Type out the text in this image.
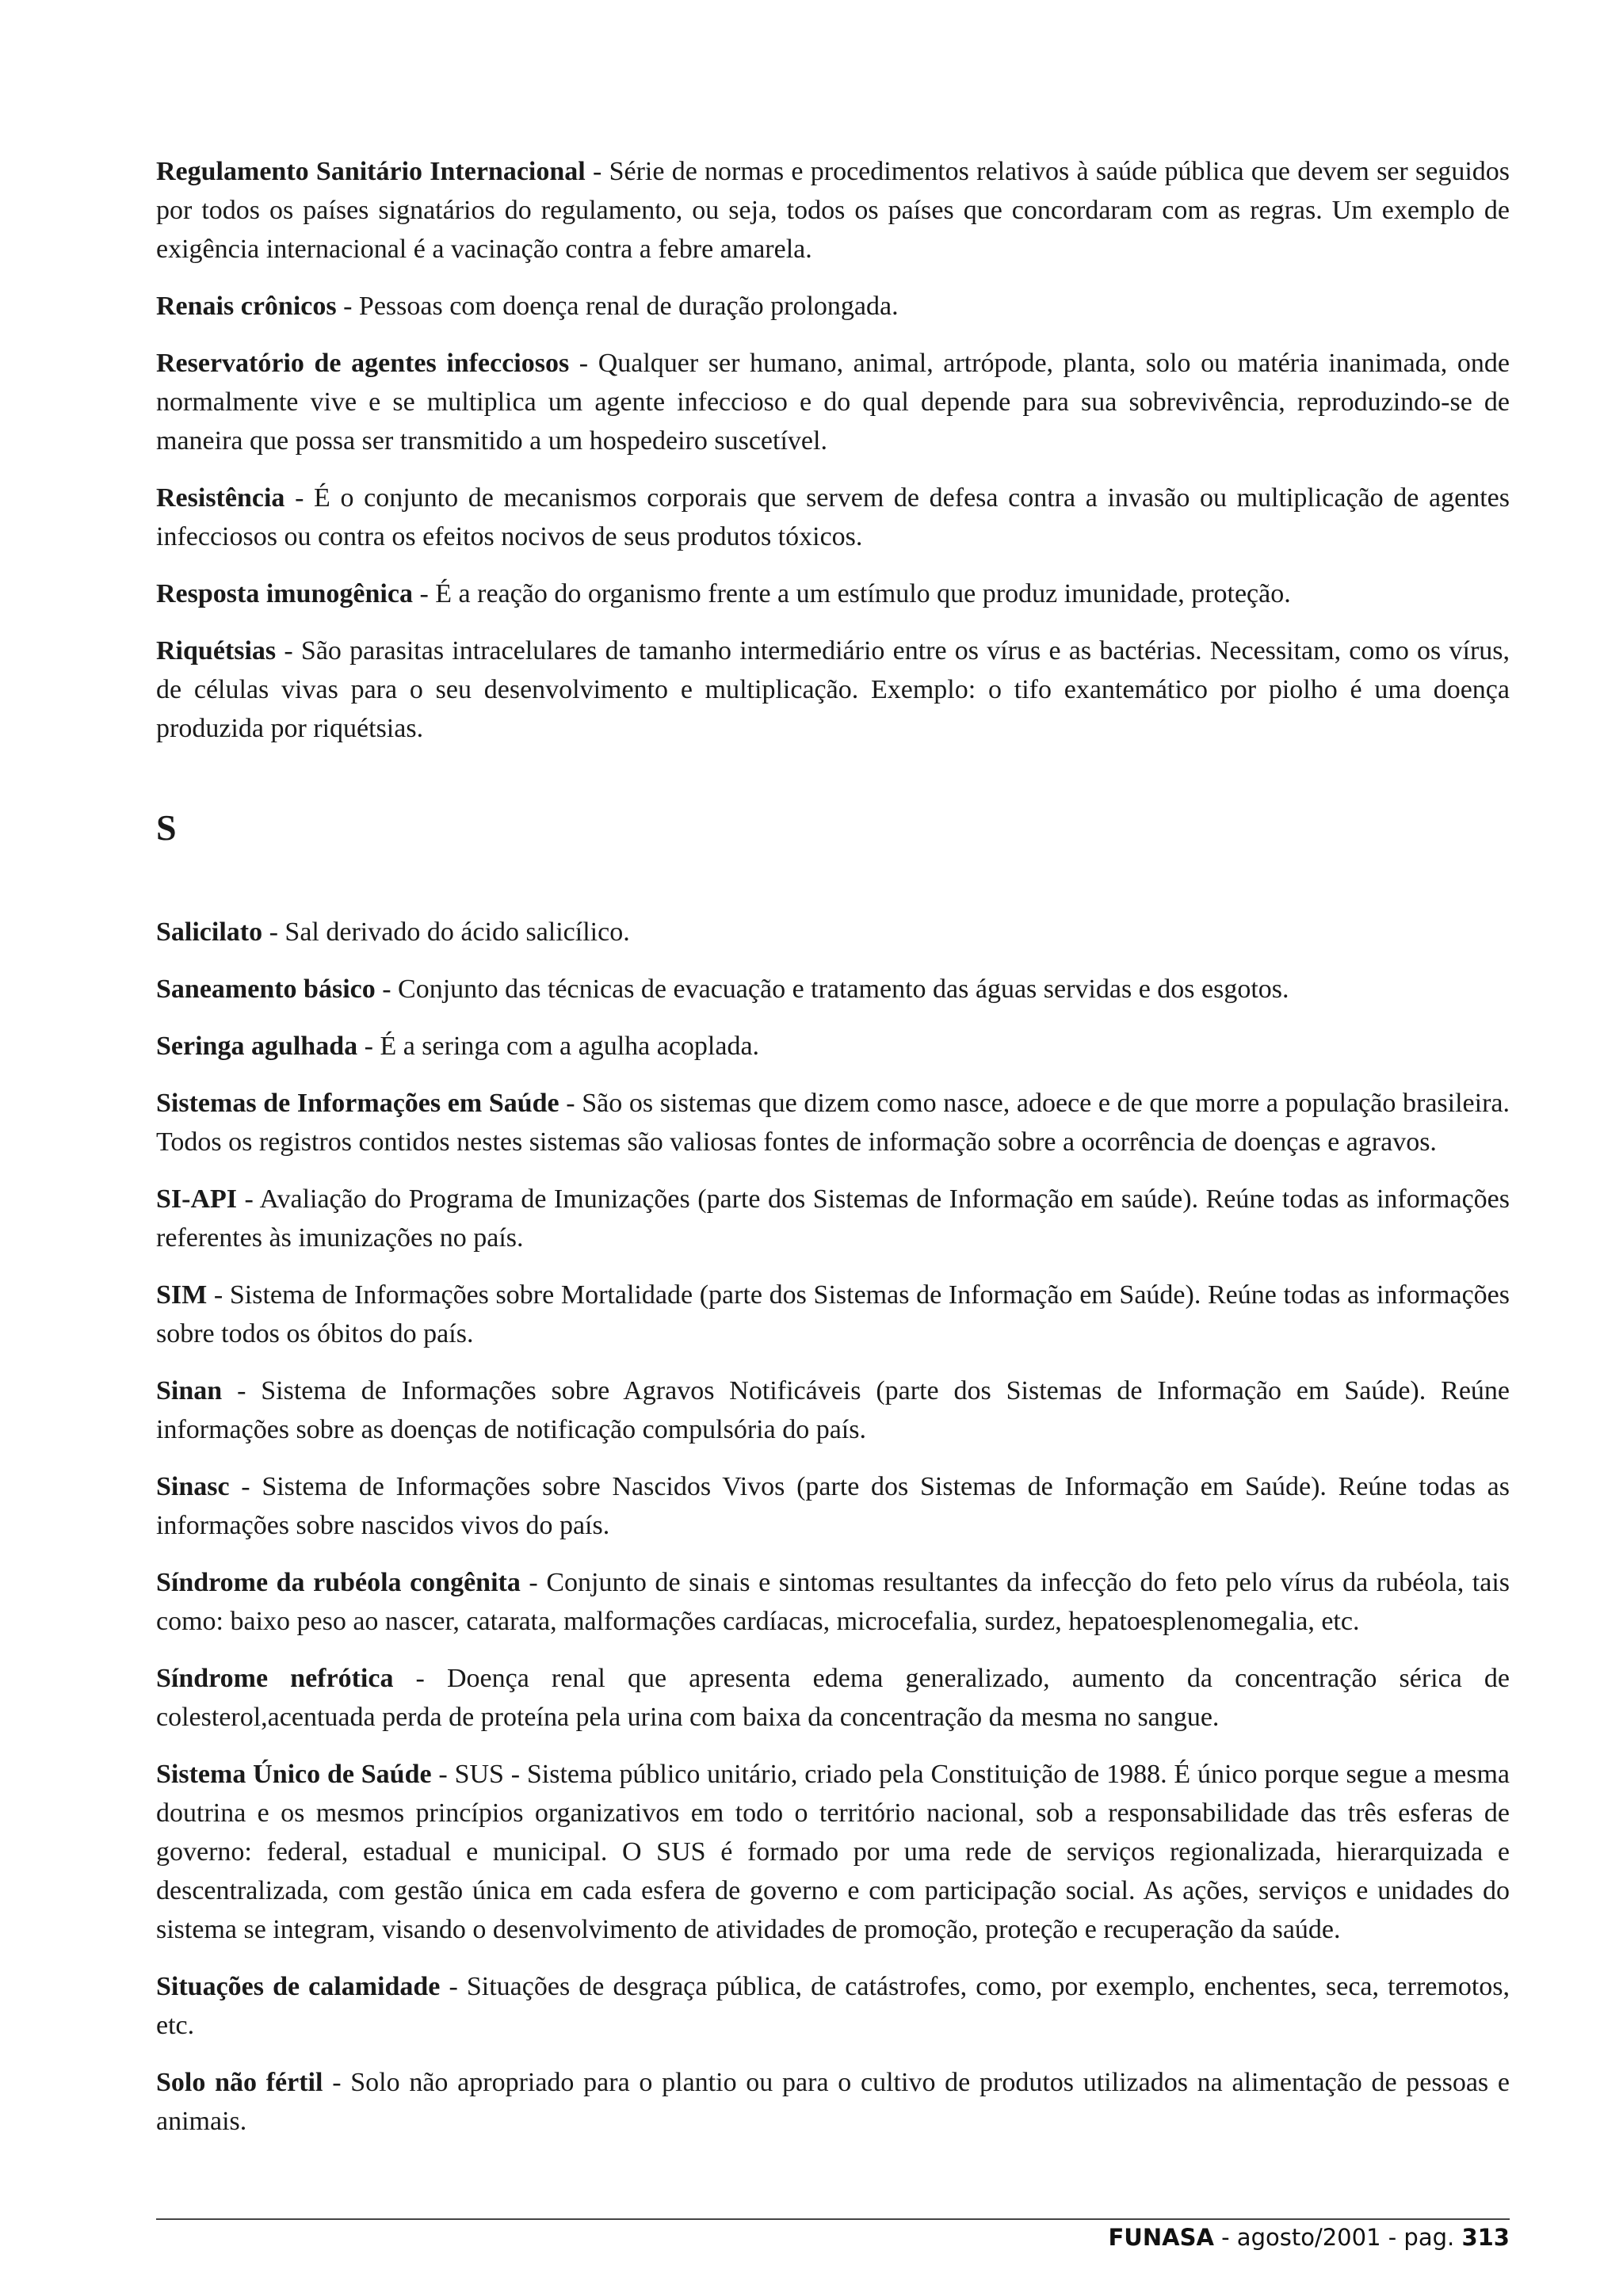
Regulamento Sanitário Internacional - Série de normas e procedimentos relativos à saúde pública que devem ser seguidos por todos os países signatários do regulamento, ou seja, todos os países que concordaram com as regras. Um exemplo de exigência internacional é a vacinação contra a febre amarela.

Renais crônicos - Pessoas com doença renal de duração prolongada.

Reservatório de agentes infecciosos - Qualquer ser humano, animal, artrópode, planta, solo ou matéria inanimada, onde normalmente vive e se multiplica um agente infeccioso e do qual depende para sua sobrevivência, reproduzindo-se de maneira que possa ser transmitido a um hospedeiro suscetível.

Resistência - É o conjunto de mecanismos corporais que servem de defesa contra a invasão ou multiplicação de agentes infecciosos ou contra os efeitos nocivos de seus produtos tóxicos.

Resposta imunogênica - É a reação do organismo frente a um estímulo que produz imunidade, proteção.

Riquétsias - São parasitas intracelulares de tamanho intermediário entre os vírus e as bactérias. Necessitam, como os vírus, de células vivas para o seu desenvolvimento e multiplicação. Exemplo: o tifo exantemático por piolho é uma doença produzida por riquétsias.

S

Salicilato - Sal derivado do ácido salicílico.

Saneamento básico - Conjunto das técnicas de evacuação e tratamento das águas servidas e dos esgotos.

Seringa agulhada - É a seringa com a agulha acoplada.

Sistemas de Informações em Saúde - São os sistemas que dizem como nasce, adoece e de que morre a população brasileira. Todos os registros contidos nestes sistemas são valiosas fontes de informação sobre a ocorrência de doenças e agravos.

SI-API - Avaliação do Programa de Imunizações (parte dos Sistemas de Informação em saúde). Reúne todas as informações referentes às imunizações no país.

SIM - Sistema de Informações sobre Mortalidade (parte dos Sistemas de Informação em Saúde). Reúne todas as informações sobre todos os óbitos do país.

Sinan - Sistema de Informações sobre Agravos Notificáveis (parte dos Sistemas de Informação em Saúde). Reúne informações sobre as doenças de notificação compulsória do país.

Sinasc - Sistema de Informações sobre Nascidos Vivos (parte dos Sistemas de Informação em Saúde). Reúne todas as informações sobre nascidos vivos do país.

Síndrome da rubéola congênita - Conjunto de sinais e sintomas resultantes da infecção do feto pelo vírus da rubéola, tais como: baixo peso ao nascer, catarata, malformações cardíacas, microcefalia, surdez, hepatoesplenomegalia, etc.

Síndrome nefrótica - Doença renal que apresenta edema generalizado, aumento da concentração sérica de colesterol,acentuada perda de proteína pela urina com baixa da concentração da mesma no sangue.

Sistema Único de Saúde - SUS - Sistema público unitário, criado pela Constituição de 1988. É único porque segue a mesma doutrina e os mesmos princípios organizativos em todo o território nacional, sob a responsabilidade das três esferas de governo: federal, estadual e municipal. O SUS é formado por uma rede de serviços regionalizada, hierarquizada e descentralizada, com gestão única em cada esfera de governo e com participação social. As ações, serviços e unidades do sistema se integram, visando o desenvolvimento de atividades de promoção, proteção e recuperação da saúde.

Situações de calamidade - Situações de desgraça pública, de catástrofes, como, por exemplo, enchentes, seca, terremotos, etc.

Solo não fértil - Solo não apropriado para o plantio ou para o cultivo de produtos utilizados na alimentação de pessoas e animais.

FUNASA - agosto/2001 - pag. 313
